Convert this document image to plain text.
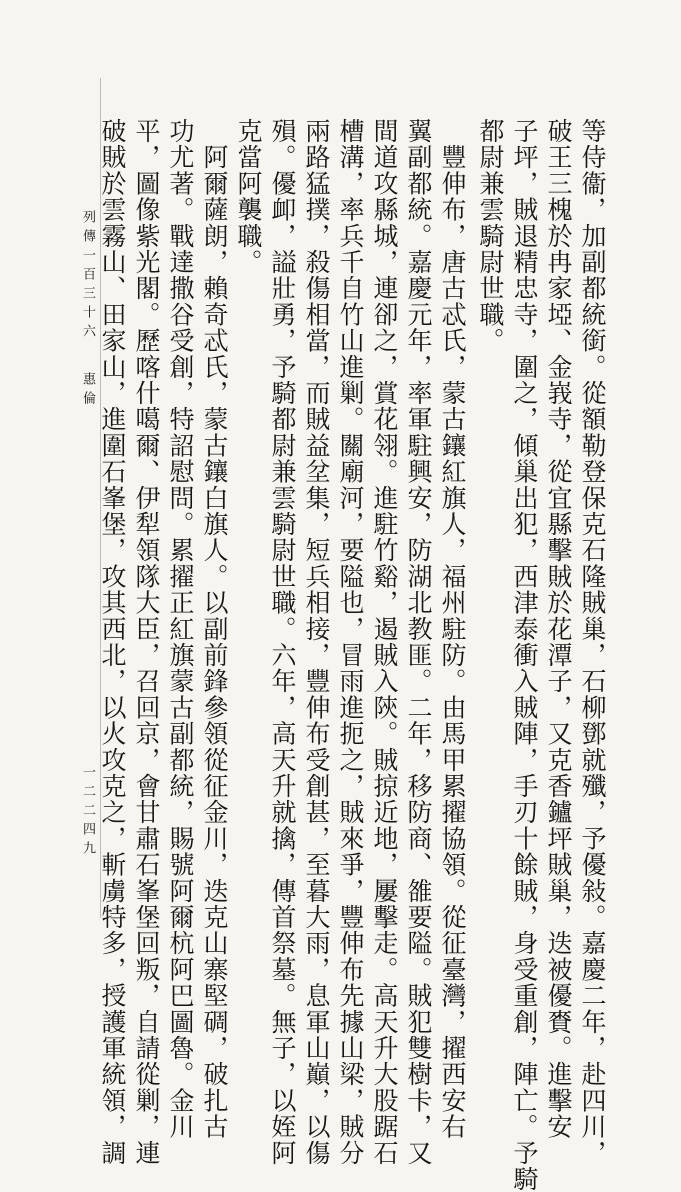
等侍衞，加副都統銜。從額勒登保克石隆賊巢，石柳鄧就殲，予優敍。嘉慶二年，赴四川，
破王三槐於冉家埡、金峩寺，從宜縣擊賊於花潭子，又克香鑪坪賊巢，迭被優賚。進擊安
子坪，賊退精忠寺，圍之，傾巢出犯，西津泰衝入賊陣，手刃十餘賊，身受重創，陣亡。予騎
都尉兼雲騎尉世職。
　豐伸布，唐古忒氏，蒙古鑲紅旗人，福州駐防。由馬甲累擢協領。從征臺灣，擢西安右
翼副都統。嘉慶元年，率軍駐興安，防湖北教匪。二年，移防商、雒要隘。賊犯雙樹卡，又
間道攻縣城，連卻之，賞花翎。進駐竹谿，遏賊入陝。賊掠近地，屢擊走。高天升大股踞石
槽溝，率兵千自竹山進剿。關廟河，要隘也，冒雨進扼之，賊來爭，豐伸布先據山梁，賊分
兩路猛撲，殺傷相當，而賊益坌集，短兵相接，豐伸布受創甚，至暮大雨，息軍山巔，以傷
殞。優卹，謚壯勇，予騎都尉兼雲騎尉世職。六年，高天升就擒，傳首祭墓。無子，以姪阿
克當阿襲職。
　阿爾薩朗，賴奇忒氏，蒙古鑲白旗人。以副前鋒參領從征金川，迭克山寨堅碉，破扎古
功尤著。戰達撒谷受創，特詔慰問。累擢正紅旗蒙古副都統，賜號阿爾杭阿巴圖魯。金川
平，圖像紫光閣。歷喀什噶爾、伊犁領隊大臣，召回京，會甘肅石峯堡回叛，自請從剿，連
破賊於雲霧山、田家山，進圍石峯堡，攻其西北，以火攻克之，斬虜特多，授護軍統領，調
列傳一百三十六
惠倫
一二二四九
